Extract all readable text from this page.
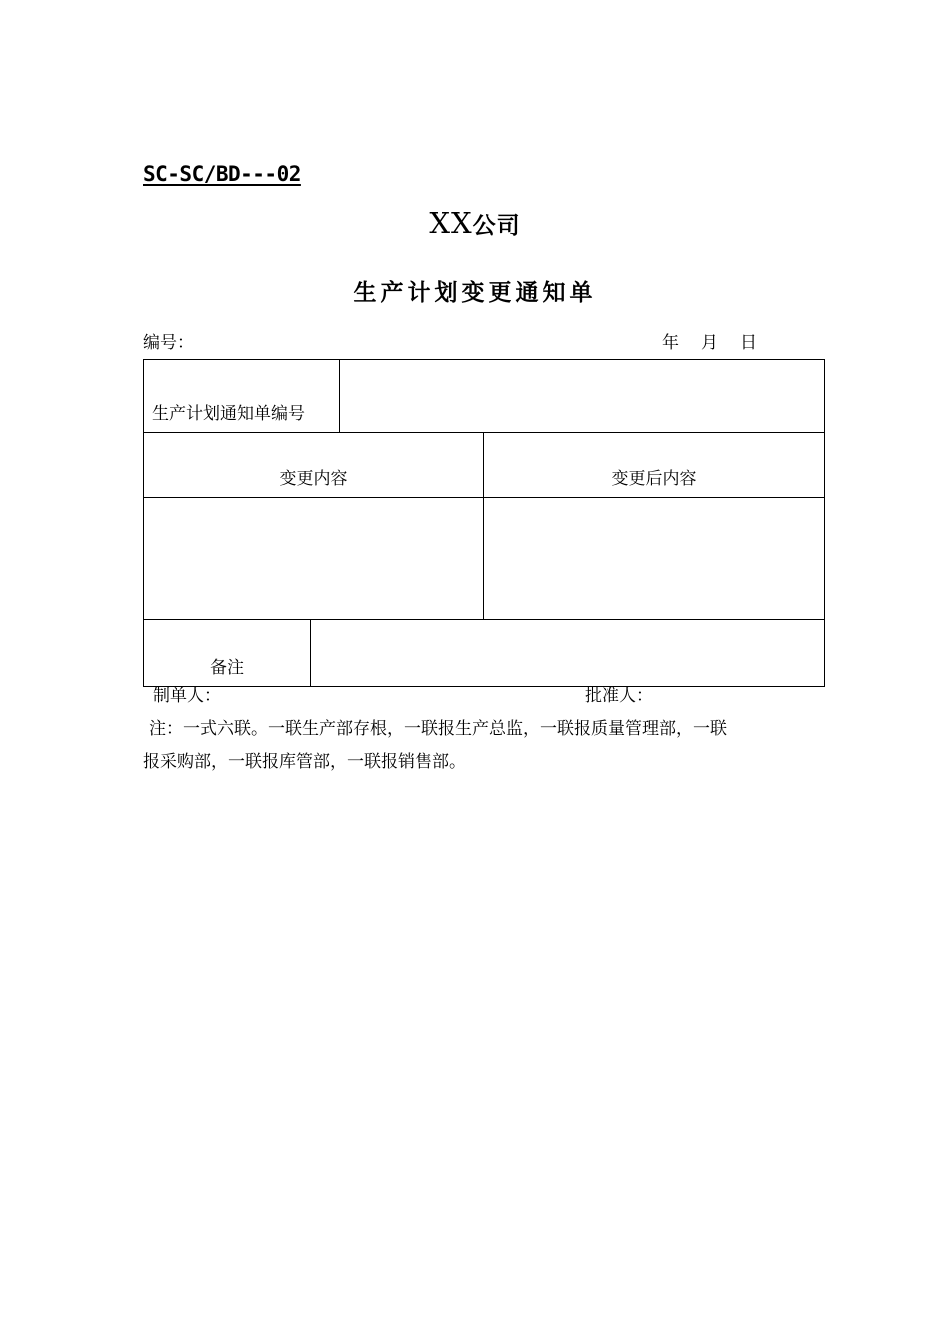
SC-SC/BD---02
XX公司
生产计划变更通知单
编号：	年 月 日
生产计划通知单编号			

变更内容			变更后内容

备注			

制单人：	批准人：
注：一式六联。一联生产部存根，一联报生产总监，一联报质量管理部，一联
报采购部，一联报库管部，一联报销售部。
